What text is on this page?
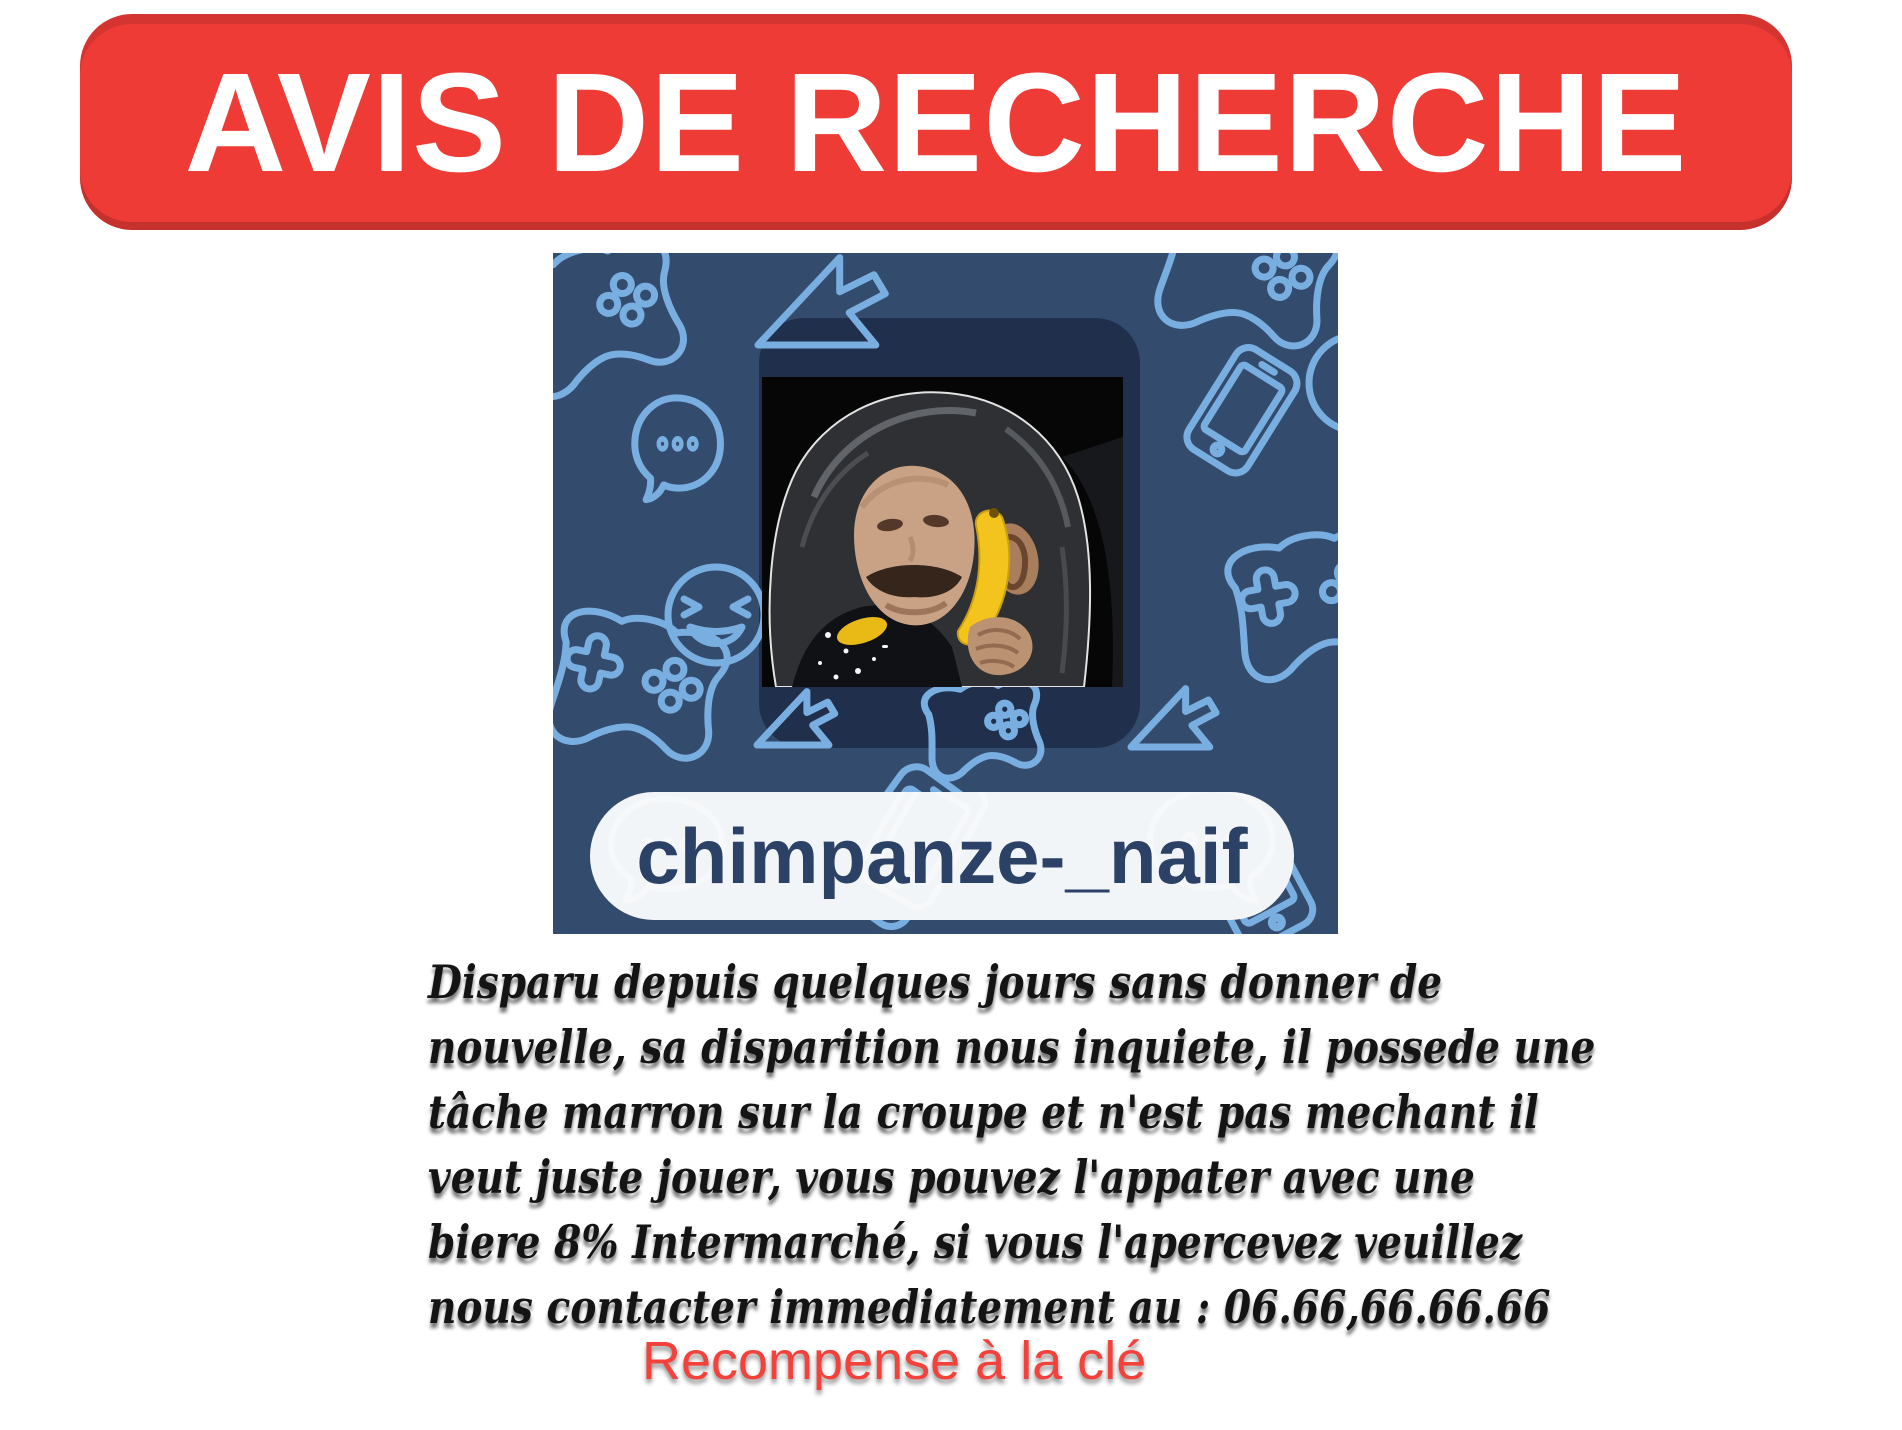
AVIS DE RECHERCHE
chimpanze-_naif
Disparu depuis quelques jours sans donner de
nouvelle, sa disparition nous inquiete, il possede une
tâche marron sur la croupe et n'est pas mechant il
veut juste jouer, vous pouvez l'appater avec une
biere 8% Intermarché, si vous l'apercevez veuillez
nous contacter immediatement au : 06.66,66.66.66
Recompense à la clé
